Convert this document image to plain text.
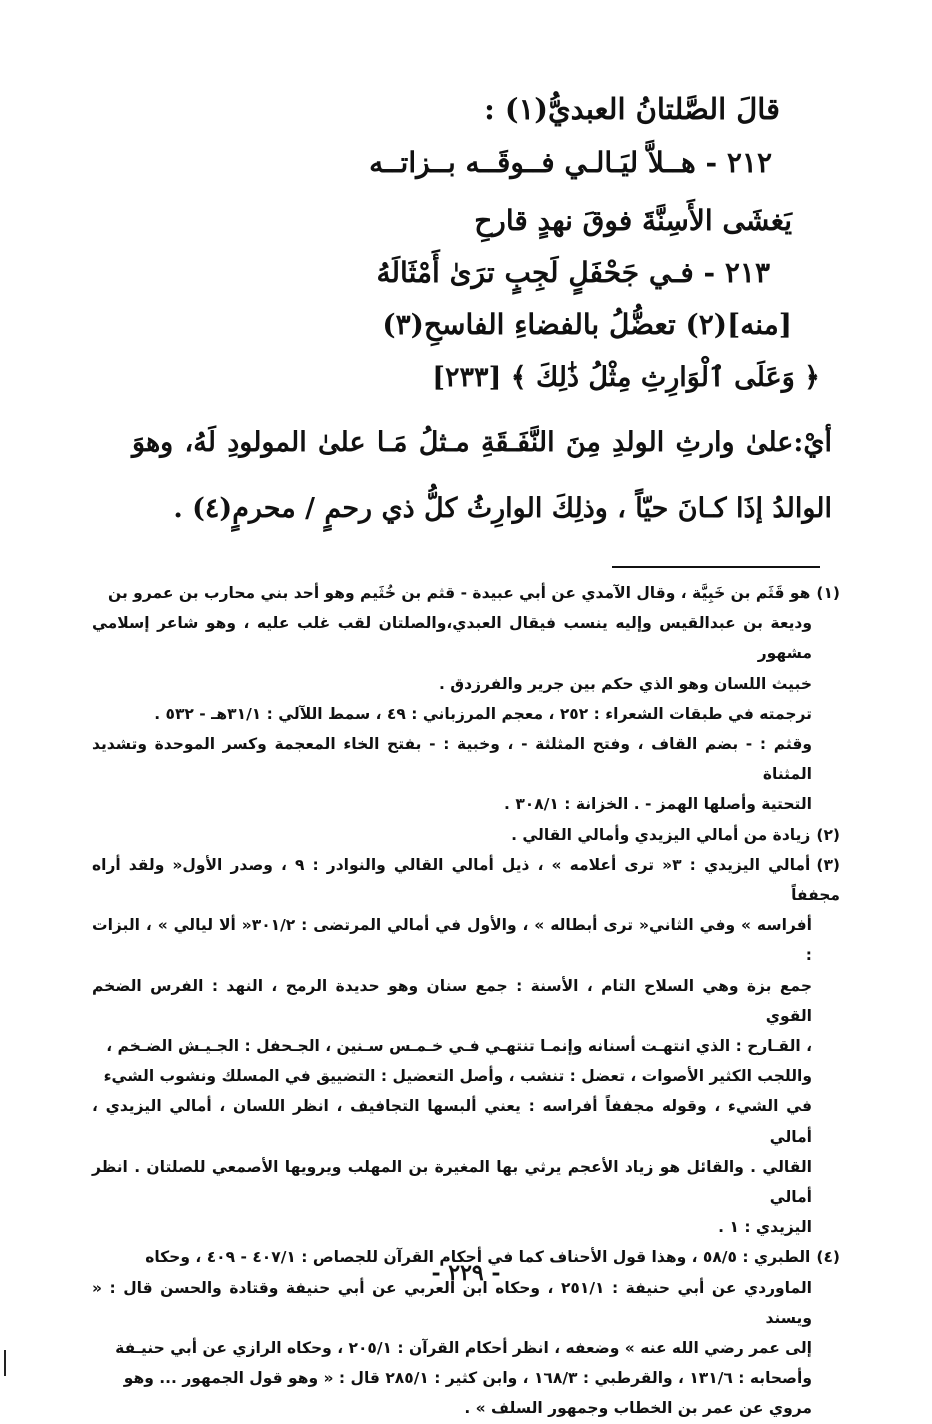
قالَ الصَّلتانُ العبديُّ(١) :
٢١٢ - هــلاَّ ليَـالـي فــوقَــه بــزاتــه
يَغشَى الأَسِنَّةَ فوقَ نهدٍ قارحِ
٢١٣ - فـي جَحْفَلٍ لَجِبٍ ترَىٰ أَمْثَالَهُ
[منه](٢) تعضُّلُ بالفضاءِ الفاسحِ(٣)
﴿ وَعَلَى ٱلْوَارِثِ مِثْلُ ذَٰلِكَ ﴾ [٢٣٣]
أيْ:علىٰ وارثِ الولدِ مِنَ النَّفَـقَةِ مـثلُ مَـا علىٰ المولودِ لَهُ، وهوَ الوالدُ إذَا كـانَ حيّاً ، وذلِكَ الوارِثُ كلُّ ذي رحمٍ / محرمٍ(٤) .
(١)هو قَثَم بن خَبِيَّة ، وقال الآمدي عن أبي عبيدة - قثم بن خُثَيم وهو أحد بني محارب بن عمرو بن
وديعة بن عبدالقيس وإليه ينسب فيقال العبدي،والصلتان لقب غلب عليه ، وهو شاعر إسلامي مشهور
خبيث اللسان وهو الذي حكم بين جرير والفرزدق .
ترجمته في طبقات الشعراء : ٢٥٢ ، معجم المرزباني : ٤٩ ، سمط اللآلي : ٣١/١هـ - ٥٣٢ .
وقثم : - بضم القاف ، وفتح المثلثة - ، وخبية : - بفتح الخاء المعجمة وكسر الموحدة وتشديد المثناة
التحتية وأصلها الهمز - . الخزانة : ٣٠٨/١ .
(٢)زيادة من أمالي اليزيدي وأمالي القالي .
(٣)أمالي اليزيدي : ٣« ترى أعلامه » ، ذيل أمالي القالي والنوادر : ٩ ، وصدر الأول« ولقد أراه مجففاً
أفراسه » وفي الثاني« ترى أبطاله » ، والأول في أمالي المرتضى : ٣٠١/٢« ألا ليالي » ، البزات :
جمع بزة وهي السلاح التام ، الأسنة : جمع سنان وهو حديدة الرمح ، النهد : الفرس الضخم القوي
، القـارح : الذي انتهـت أسنانه وإنمـا تنتهـي فـي خـمـس سـنين ، الجـحفل : الجـيـش الضـخم ،
واللجب الكثير الأصوات ، تعضل : تنشب ، وأصل التعضيل : التضييق في المسلك ونشوب الشيء
في الشيء ، وقوله مجففاً أفراسه : يعني ألبسها التجافيف ، انظر اللسان ، أمالي اليزيدي ، أمالي
القالي . والقائل هو زياد الأعجم يرثي بها المغيرة بن المهلب ويرويها الأصمعي للصلتان . انظر أمالي
اليزيدي : ١ .
(٤)الطبري : ٥٨/٥ ، وهذا قول الأحناف كما في أحكام القرآن للجصاص : ٤٠٧/١ - ٤٠٩ ، وحكاه
الماوردي عن أبي حنيفة : ٢٥١/١ ، وحكاه ابن العربي عن أبي حنيفة وقتادة والحسن قال : « ويسند
إلى عمر رضي الله عنه » وضعفه ، انظر أحكام القرآن : ٢٠٥/١ ، وحكاه الرازي عن أبي حنيـفة
وأصحابه : ١٣١/٦ ، والقرطبي : ١٦٨/٣ ، وابن كثير : ٢٨٥/١ قال : « وهو قول الجمهور ... وهو
مروي عن عمر بن الخطاب وجمهور السلف » .
- ٢٢٩ -
